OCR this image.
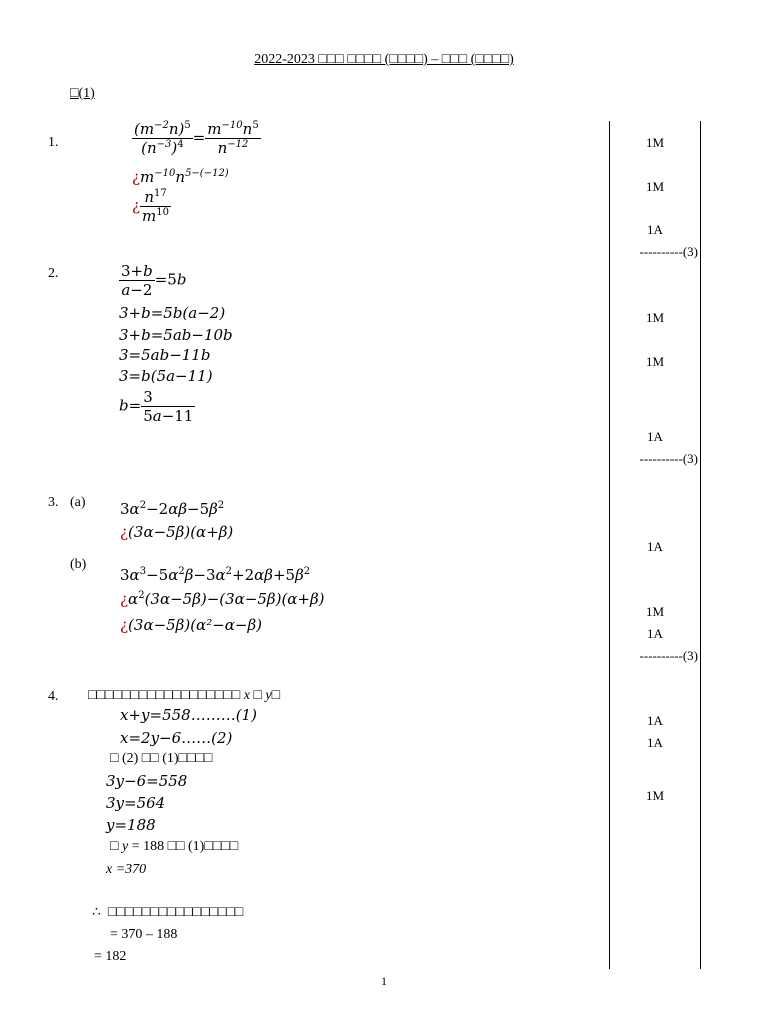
2022-2023 □□□ □□□□ (□□□□) – □□□ (□□□□)
□(1)
1.	$\frac{(m^{-2}n)^5}{(n^{-3})^4} = \frac{m^{-10}n^5}{n^{-12}}$
¿$m^{-10}n^{5-(-12)}$
¿ $\frac{n^{17}}{m^{10}}$
1M
1M
1A
----------(3)
2.	$\frac{3+b}{a-2} =5b$
3+b=5b(a−2)
3+b=5ab−10b
3=5ab−11b
3=b(5a−11)
$b= \frac{3}{5a-11}$
1M
1M
1A
----------(3)
3. (a) $3\alpha^2-2\alpha\beta-5\beta^2$
¿(3α−5β)(α+β)
(b)
$3\alpha^3-5\alpha^2\beta-3\alpha^2+2\alpha\beta+5\beta^2$
¿$\alpha^2(3\alpha-5\beta)-(3\alpha-5\beta)(\alpha+\beta)$
¿(3α−5β)(α²−α−β)
1A
1M
1A
----------(3)
4. □□□□□□□□□□□□□□□□□□ x □ y□
x+y=558………(1)
x=2y−6……(2)
□ (2) □□ (1)□□□□
3y−6=558
3y=564
y=188
□ y = 188 □□ (1)□□□□
x =370
∴ □□□□□□□□□□□□□□□□
= 370 – 188
= 182
1A
1A
1M
1
